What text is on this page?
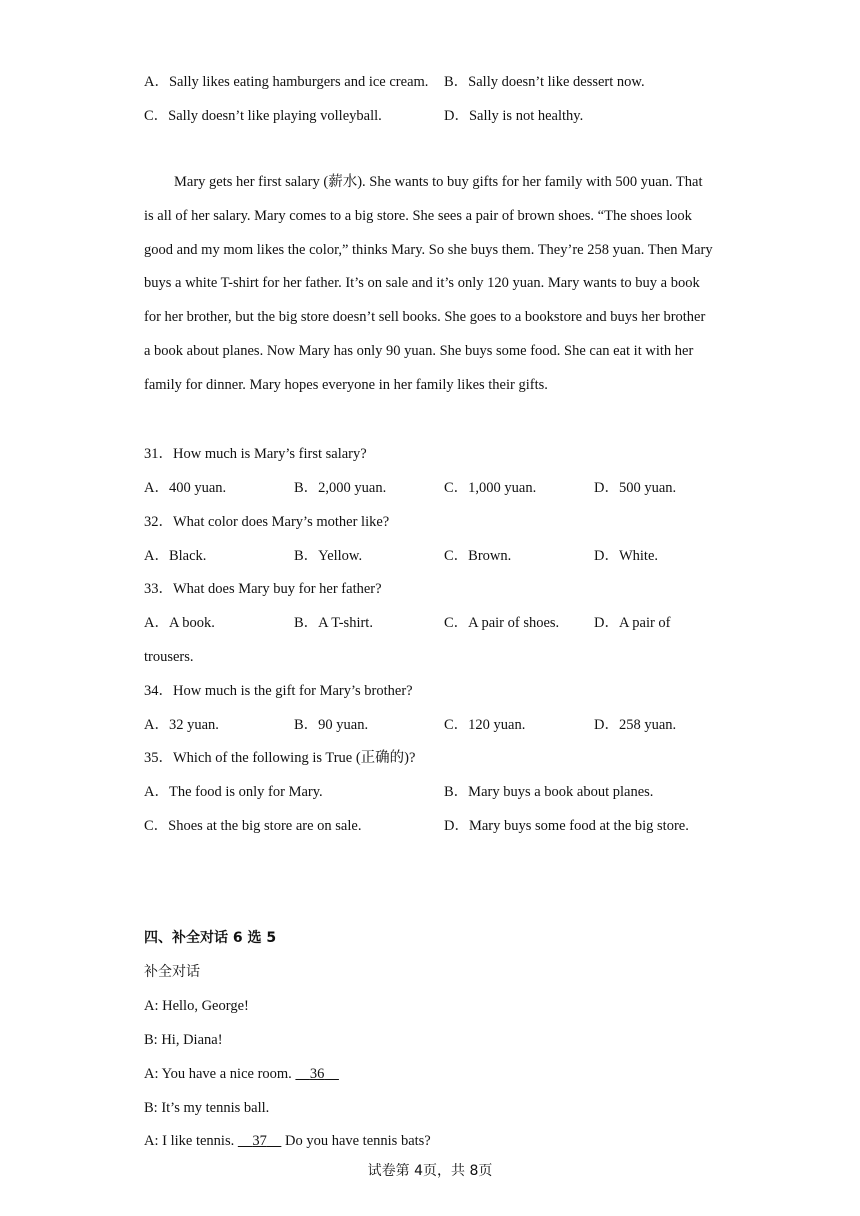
A．Sally likes eating hamburgers and ice cream. B．Sally doesn’t like dessert now.
C．Sally doesn’t like playing volleyball.	D．Sally is not healthy.

Mary gets her first salary (薪水). She wants to buy gifts for her family with 500 yuan. That is all of her salary. Mary comes to a big store. She sees a pair of brown shoes. “The shoes look good and my mom likes the color,” thinks Mary. So she buys them. They’re 258 yuan. Then Mary buys a white T-shirt for her father. It’s on sale and it’s only 120 yuan. Mary wants to buy a book for her brother, but the big store doesn’t sell books. She goes to a bookstore and buys her brother a book about planes. Now Mary has only 90 yuan. She buys some food. She can eat it with her family for dinner. Mary hopes everyone in her family likes their gifts.

31．How much is Mary’s first salary?
A．400 yuan.	B．2,000 yuan.	C．1,000 yuan.	D．500 yuan.
32．What color does Mary’s mother like?
A．Black.	B．Yellow.	C．Brown.	D．White.
33．What does Mary buy for her father?
A．A book.	B．A T-shirt.	C．A pair of shoes. D．A pair of
trousers.
34．How much is the gift for Mary’s brother?
A．32 yuan.	B．90 yuan.	C．120 yuan.	D．258 yuan.
35．Which of the following is True (正确的)?
A．The food is only for Mary.	B．Mary buys a book about planes.
C．Shoes at the big store are on sale.	D．Mary buys some food at the big store.
四、补全对话 6 选 5
补全对话
A: Hello, George!
B: Hi, Diana!
A: You have a nice room. 36
B: It’s my tennis ball.
A: I like tennis. 37 Do you have tennis bats?
试卷第 4页，共 8页
